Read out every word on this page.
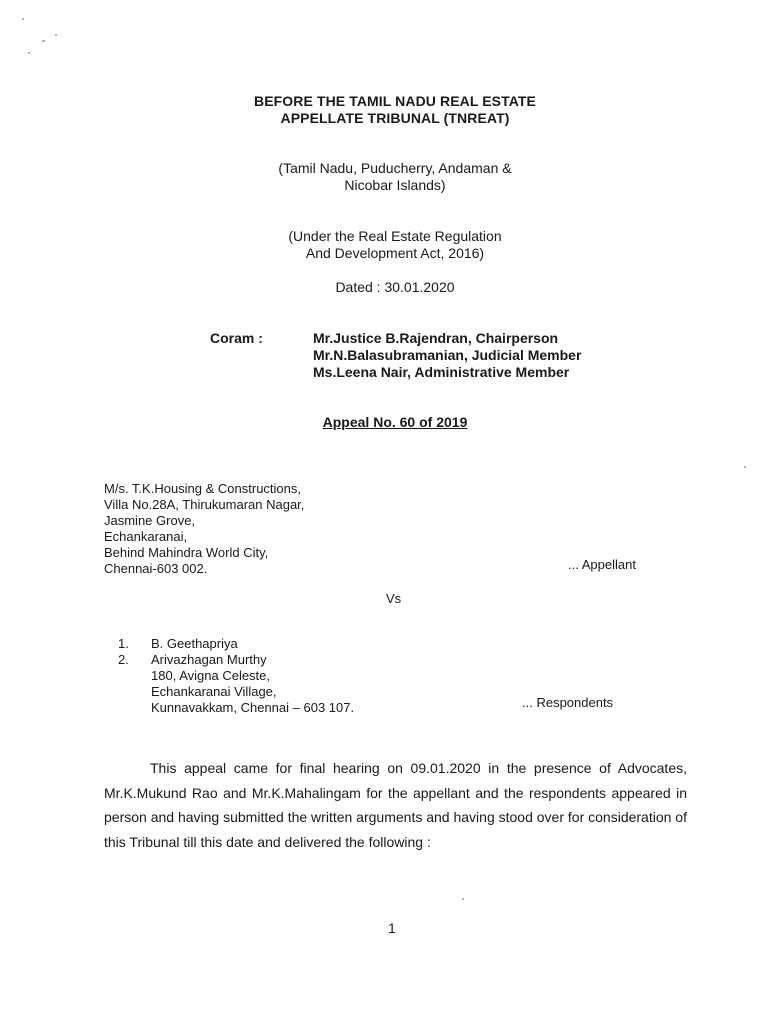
BEFORE THE TAMIL NADU REAL ESTATE
APPELLATE TRIBUNAL (TNREAT)
(Tamil Nadu, Puducherry, Andaman &
Nicobar Islands)
(Under the Real Estate Regulation
And Development Act, 2016)
Dated : 30.01.2020
Coram :	Mr.Justice B.Rajendran, Chairperson
Mr.N.Balasubramanian, Judicial Member
Ms.Leena Nair, Administrative Member
Appeal No. 60 of 2019
M/s. T.K.Housing & Constructions,
Villa No.28A, Thirukumaran Nagar,
Jasmine Grove,
Echankaranai,
Behind Mahindra World City,
Chennai-603 002.	... Appellant
Vs
1.	B. Geethapriya
2.	Arivazhagan Murthy
180, Avigna Celeste,
Echankaranai Village,
Kunnavakkam, Chennai – 603 107.	... Respondents
This appeal came for final hearing on 09.01.2020 in the presence of Advocates, Mr.K.Mukund Rao and Mr.K.Mahalingam for the appellant and the respondents appeared in person and having submitted the written arguments and having stood over for consideration of this Tribunal till this date and delivered the following :
1
